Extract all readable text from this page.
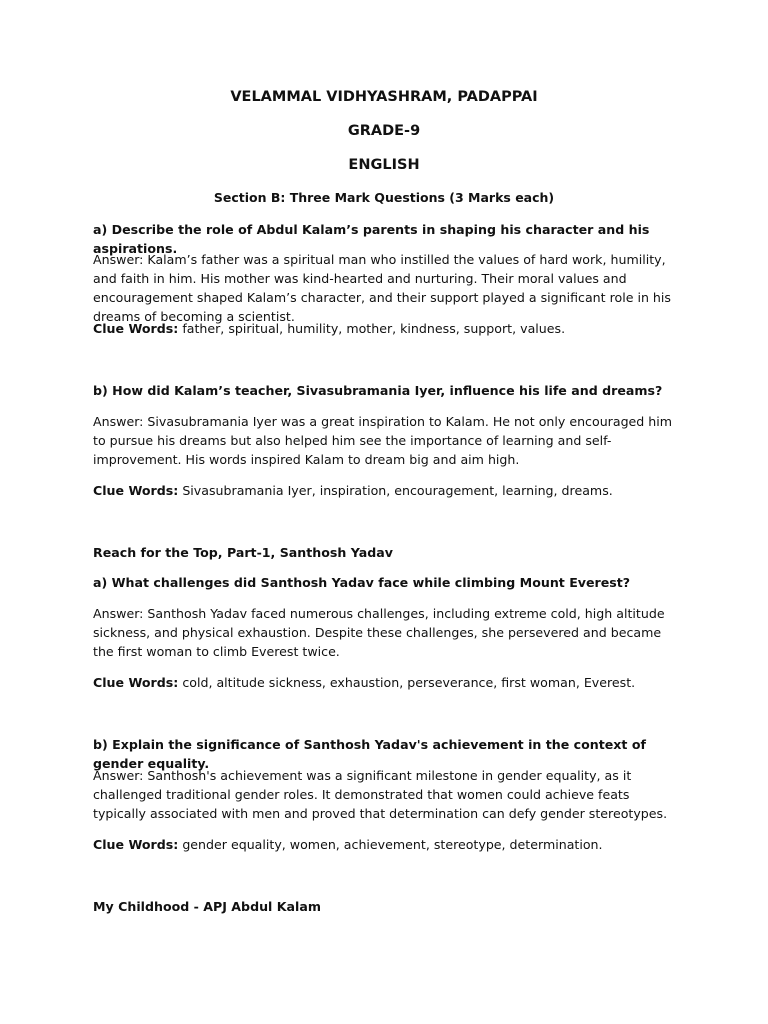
VELAMMAL VIDHYASHRAM, PADAPPAI
GRADE-9
ENGLISH
Section B: Three Mark Questions (3 Marks each)

a) Describe the role of Abdul Kalam’s parents in shaping his character and his aspirations.

Answer: Kalam’s father was a spiritual man who instilled the values of hard work, humility, and faith in him. His mother was kind-hearted and nurturing. Their moral values and encouragement shaped Kalam’s character, and their support played a significant role in his dreams of becoming a scientist.

Clue Words: father, spiritual, humility, mother, kindness, support, values.

b) How did Kalam’s teacher, Sivasubramania Iyer, influence his life and dreams?

Answer: Sivasubramania Iyer was a great inspiration to Kalam. He not only encouraged him to pursue his dreams but also helped him see the importance of learning and self-improvement. His words inspired Kalam to dream big and aim high.

Clue Words: Sivasubramania Iyer, inspiration, encouragement, learning, dreams.

Reach for the Top, Part-1, Santhosh Yadav

a) What challenges did Santhosh Yadav face while climbing Mount Everest?

Answer: Santhosh Yadav faced numerous challenges, including extreme cold, high altitude sickness, and physical exhaustion. Despite these challenges, she persevered and became the first woman to climb Everest twice.

Clue Words: cold, altitude sickness, exhaustion, perseverance, first woman, Everest.

b) Explain the significance of Santhosh Yadav's achievement in the context of gender equality.

Answer: Santhosh's achievement was a significant milestone in gender equality, as it challenged traditional gender roles. It demonstrated that women could achieve feats typically associated with men and proved that determination can defy gender stereotypes.

Clue Words: gender equality, women, achievement, stereotype, determination.

My Childhood - APJ Abdul Kalam
